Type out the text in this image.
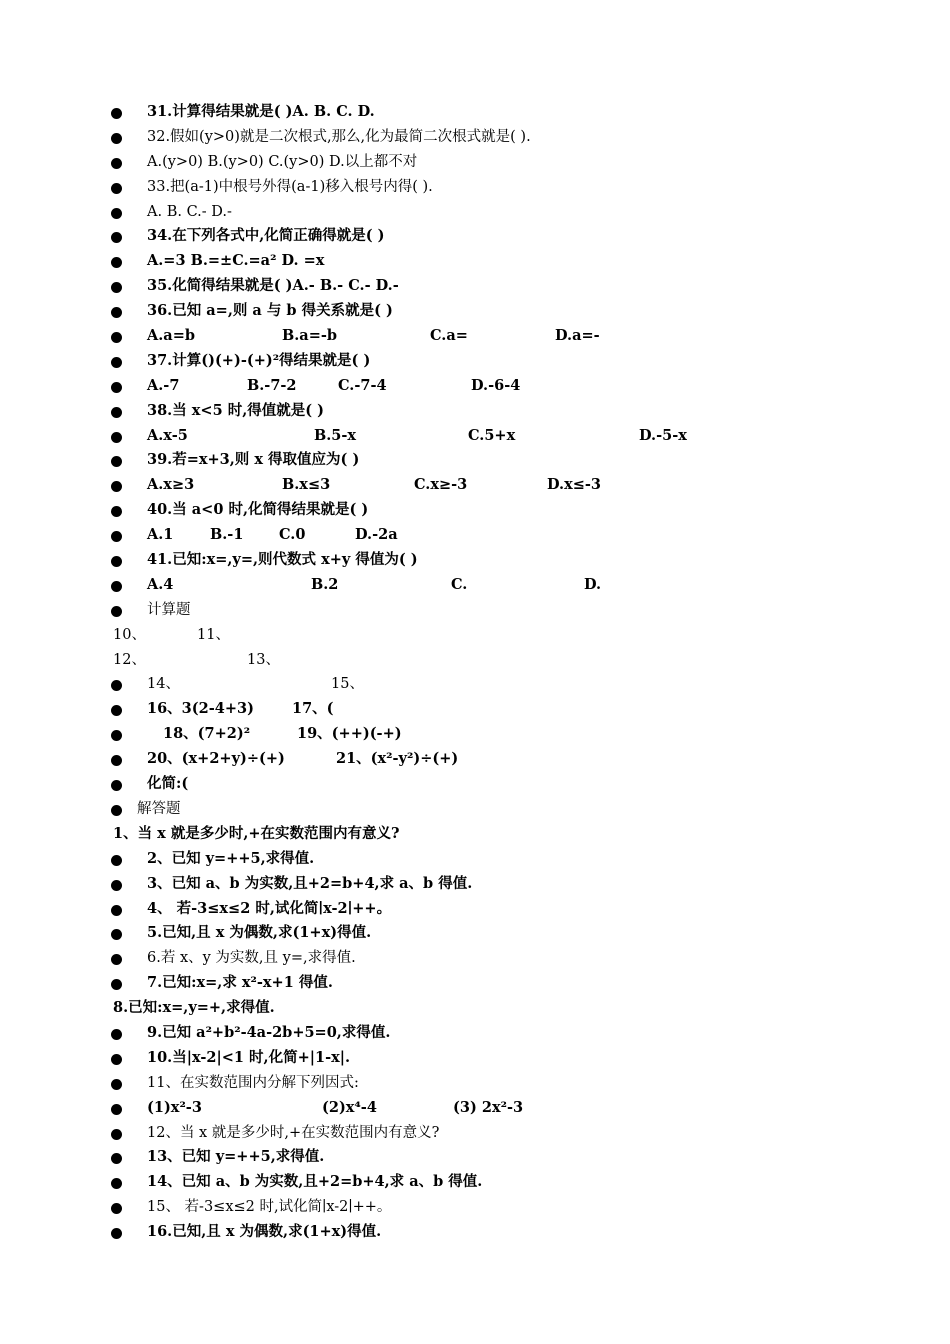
31.计算得结果就是( )A. B. C. D.
32.假如(y>0)就是二次根式,那么,化为最简二次根式就是( ).
A.(y>0) B.(y>0) C.(y>0) D.以上都不对
33.把(a-1)中根号外得(a-1)移入根号内得( ).
A. B. C.- D.-
34.在下列各式中,化简正确得就是( )
A.=3 B.=±C.=a² D. =x
35.化简得结果就是( )A.- B.- C.- D.-
36.已知 a=,则 a 与 b 得关系就是( )
A.a=b	B.a=-b	C.a=	D.a=-
37.计算()(+)-(+)²得结果就是( )
A.-7	B.-7-2	C.-7-4	D.-6-4
38.当 x<5 时,得值就是( )
A.x-5	B.5-x	C.5+x	D.-5-x
39.若=x+3,则 x 得取值应为( )
A.x≥3	B.x≤3	C.x≥-3	D.x≤-3
40.当 a<0 时,化简得结果就是( )
A.1	B.-1 C.0	D.-2a
41.已知:x=,y=,则代数式 x+y 得值为( )
A.4	B.2	C.	D.
计算题
10、	11、
12、	13、
14、	15、
16、3(2-4+3)	17、(
18、(7+2)²	19、(++)(-+)
20、(x+2+y)÷(+)	21、(x²-y²)÷(+)
化简:(
解答题
1、当 x 就是多少时,+在实数范围内有意义?
2、已知 y=++5,求得值.
3、已知 a、b 为实数,且+2=b+4,求 a、b 得值.
4、 若-3≤x≤2 时,试化简∣x-2∣++。
5.已知,且 x 为偶数,求(1+x)得值.
6.若 x、y 为实数,且 y=,求得值.
7.已知:x=,求 x²-x+1 得值.
8.已知:x=,y=+,求得值.
9.已知 a²+b²-4a-2b+5=0,求得值.
10.当|x-2|<1 时,化简+|1-x|.
11、在实数范围内分解下列因式:
(1)x²-3	(2)x⁴-4	(3) 2x²-3
12、当 x 就是多少时,+在实数范围内有意义?
13、已知 y=++5,求得值.
14、已知 a、b 为实数,且+2=b+4,求 a、b 得值.
15、 若-3≤x≤2 时,试化简∣x-2∣++。
16.已知,且 x 为偶数,求(1+x)得值.
